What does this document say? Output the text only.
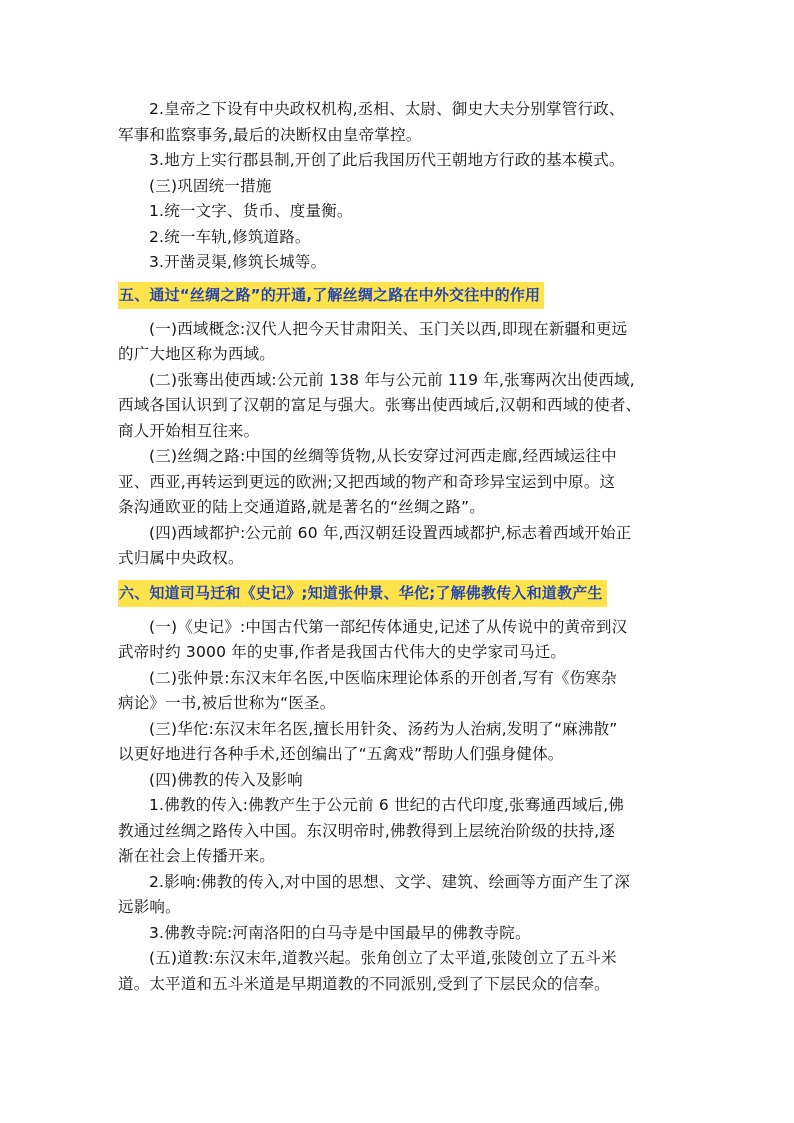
2.皇帝之下设有中央政权机构,丞相、太尉、御史大夫分别掌管行政、
军事和监察事务,最后的决断权由皇帝掌控。
3.地方上实行郡县制,开创了此后我国历代王朝地方行政的基本模式。
(三)巩固统一措施
1.统一文字、货币、度量衡。
2.统一车轨,修筑道路。
3.开凿灵渠,修筑长城等。
五、通过“丝绸之路”的开通,了解丝绸之路在中外交往中的作用
(一)西域概念:汉代人把今天甘肃阳关、玉门关以西,即现在新疆和更远
的广大地区称为西域。
(二)张骞出使西域:公元前 138 年与公元前 119 年,张骞两次出使西域,
西域各国认识到了汉朝的富足与强大。张骞出使西域后,汉朝和西域的使者、
商人开始相互往来。
(三)丝绸之路:中国的丝绸等货物,从长安穿过河西走廊,经西域运往中
亚、西亚,再转运到更远的欧洲;又把西域的物产和奇珍异宝运到中原。这
条沟通欧亚的陆上交通道路,就是著名的“丝绸之路”。
(四)西域都护:公元前 60 年,西汉朝廷设置西域都护,标志着西域开始正
式归属中央政权。
六、知道司马迁和《史记》;知道张仲景、华佗;了解佛教传入和道教产生
(一)《史记》:中国古代第一部纪传体通史,记述了从传说中的黄帝到汉
武帝时约 3000 年的史事,作者是我国古代伟大的史学家司马迁。
(二)张仲景:东汉末年名医,中医临床理论体系的开创者,写有《伤寒杂
病论》一书,被后世称为“医圣。
(三)华佗:东汉末年名医,擅长用针灸、汤药为人治病,发明了“麻沸散”
以更好地进行各种手术,还创编出了“五禽戏”帮助人们强身健体。
(四)佛教的传入及影响
1.佛教的传入:佛教产生于公元前 6 世纪的古代印度,张骞通西域后,佛
教通过丝绸之路传入中国。东汉明帝时,佛教得到上层统治阶级的扶持,逐
渐在社会上传播开来。
2.影响:佛教的传入,对中国的思想、文学、建筑、绘画等方面产生了深
远影响。
3.佛教寺院:河南洛阳的白马寺是中国最早的佛教寺院。
(五)道教:东汉末年,道教兴起。张角创立了太平道,张陵创立了五斗米
道。太平道和五斗米道是早期道教的不同派别,受到了下层民众的信奉。
